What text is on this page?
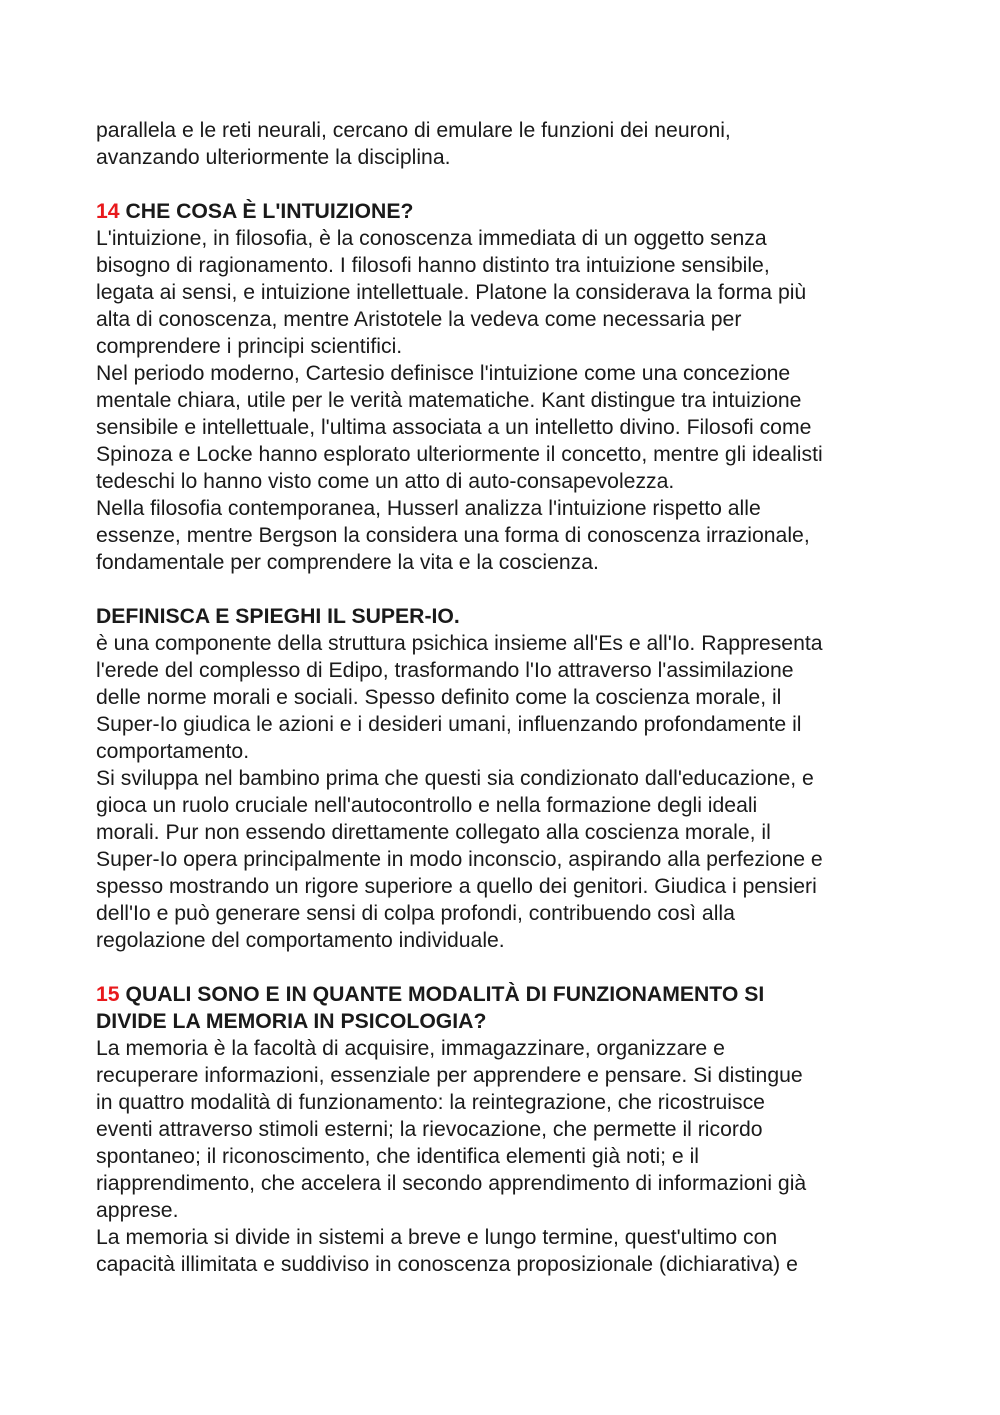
parallela e le reti neurali, cercano di emulare le funzioni dei neuroni,

avanzando ulteriormente la disciplina.

14 CHE COSA È L'INTUIZIONE?

L'intuizione, in filosofia, è la conoscenza immediata di un oggetto senza

bisogno di ragionamento. I filosofi hanno distinto tra intuizione sensibile,

legata ai sensi, e intuizione intellettuale. Platone la considerava la forma più

alta di conoscenza, mentre Aristotele la vedeva come necessaria per

comprendere i principi scientifici.

Nel periodo moderno, Cartesio definisce l'intuizione come una concezione

mentale chiara, utile per le verità matematiche. Kant distingue tra intuizione

sensibile e intellettuale, l'ultima associata a un intelletto divino. Filosofi come

Spinoza e Locke hanno esplorato ulteriormente il concetto, mentre gli idealisti

tedeschi lo hanno visto come un atto di auto-consapevolezza.

Nella filosofia contemporanea, Husserl analizza l'intuizione rispetto alle

essenze, mentre Bergson la considera una forma di conoscenza irrazionale,

fondamentale per comprendere la vita e la coscienza.

DEFINISCA E SPIEGHI IL SUPER-IO.

è una componente della struttura psichica insieme all'Es e all'Io. Rappresenta

l'erede del complesso di Edipo, trasformando l'Io attraverso l'assimilazione

delle norme morali e sociali. Spesso definito come la coscienza morale, il

Super-Io giudica le azioni e i desideri umani, influenzando profondamente il

comportamento.

Si sviluppa nel bambino prima che questi sia condizionato dall'educazione, e

gioca un ruolo cruciale nell'autocontrollo e nella formazione degli ideali

morali. Pur non essendo direttamente collegato alla coscienza morale, il

Super-Io opera principalmente in modo inconscio, aspirando alla perfezione e

spesso mostrando un rigore superiore a quello dei genitori. Giudica i pensieri

dell'Io e può generare sensi di colpa profondi, contribuendo così alla

regolazione del comportamento individuale.

15 QUALI SONO E IN QUANTE MODALITÀ DI FUNZIONAMENTO SI

DIVIDE LA MEMORIA IN PSICOLOGIA?

La memoria è la facoltà di acquisire, immagazzinare, organizzare e

recuperare informazioni, essenziale per apprendere e pensare. Si distingue

in quattro modalità di funzionamento: la reintegrazione, che ricostruisce

eventi attraverso stimoli esterni; la rievocazione, che permette il ricordo

spontaneo; il riconoscimento, che identifica elementi già noti; e il

riapprendimento, che accelera il secondo apprendimento di informazioni già

apprese.

La memoria si divide in sistemi a breve e lungo termine, quest'ultimo con

capacità illimitata e suddiviso in conoscenza proposizionale (dichiarativa) e
